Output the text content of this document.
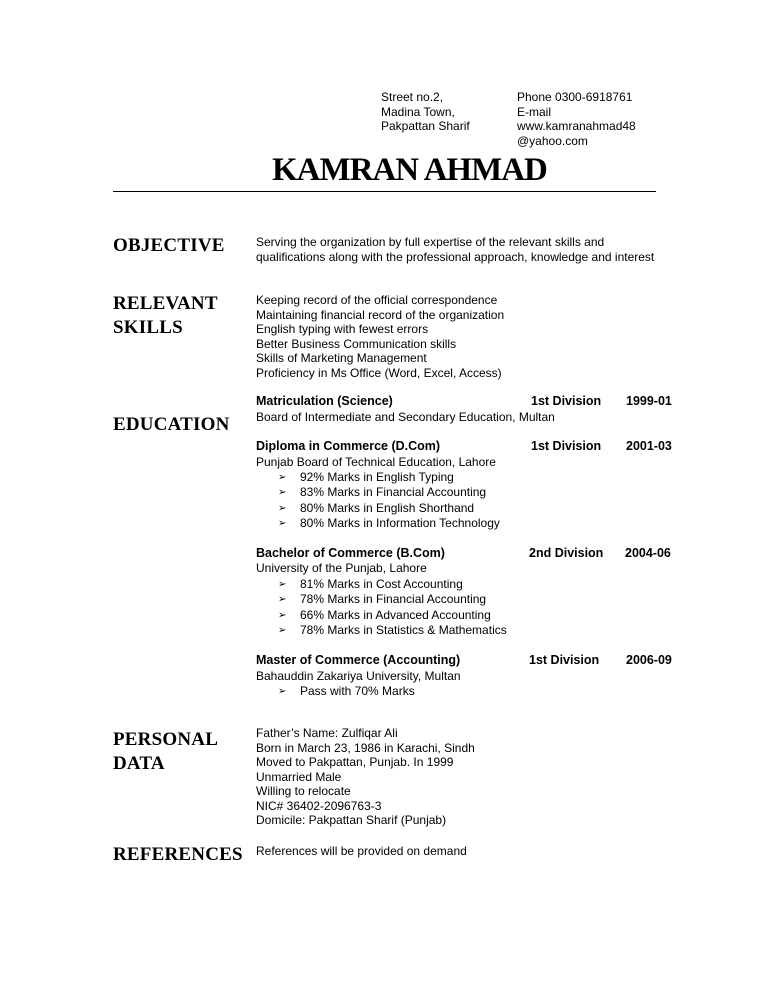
Street no.2,
Madina Town,
Pakpattan Sharif
Phone 0300-6918761
E-mail
www.kamranahmad48
@yahoo.com
KAMRAN AHMAD
OBJECTIVE	Serving the organization by full expertise of the relevant skills and
qualifications along with the professional approach, knowledge and interest
RELEVANT
SKILLS
Keeping record of the official correspondence
Maintaining financial record of the organization
English typing with fewest errors
Better Business Communication skills
Skills of Marketing Management
Proficiency in Ms Office (Word, Excel, Access)
EDUCATION
Matriculation (Science)	1st Division 1999-01
Board of Intermediate and Secondary Education, Multan
Diploma in Commerce (D.Com)	1st Division 2001-03
Punjab Board of Technical Education, Lahore
➢ 92% Marks in English Typing
➢ 83% Marks in Financial Accounting
➢ 80% Marks in English Shorthand
➢ 80% Marks in Information Technology
Bachelor of Commerce (B.Com)	2nd Division 2004-06
University of the Punjab, Lahore
➢ 81% Marks in Cost Accounting
➢ 78% Marks in Financial Accounting
➢ 66% Marks in Advanced Accounting
➢ 78% Marks in Statistics & Mathematics
Master of Commerce (Accounting)	1st Division 2006-09
Bahauddin Zakariya University, Multan
➢ Pass with 70% Marks
PERSONAL
DATA
Father’s Name: Zulfiqar Ali
Born in March 23, 1986 in Karachi, Sindh
Moved to Pakpattan, Punjab. In 1999
Unmarried Male
Willing to relocate
NIC# 36402-2096763-3
Domicile: Pakpattan Sharif (Punjab)
REFERENCES References will be provided on demand
